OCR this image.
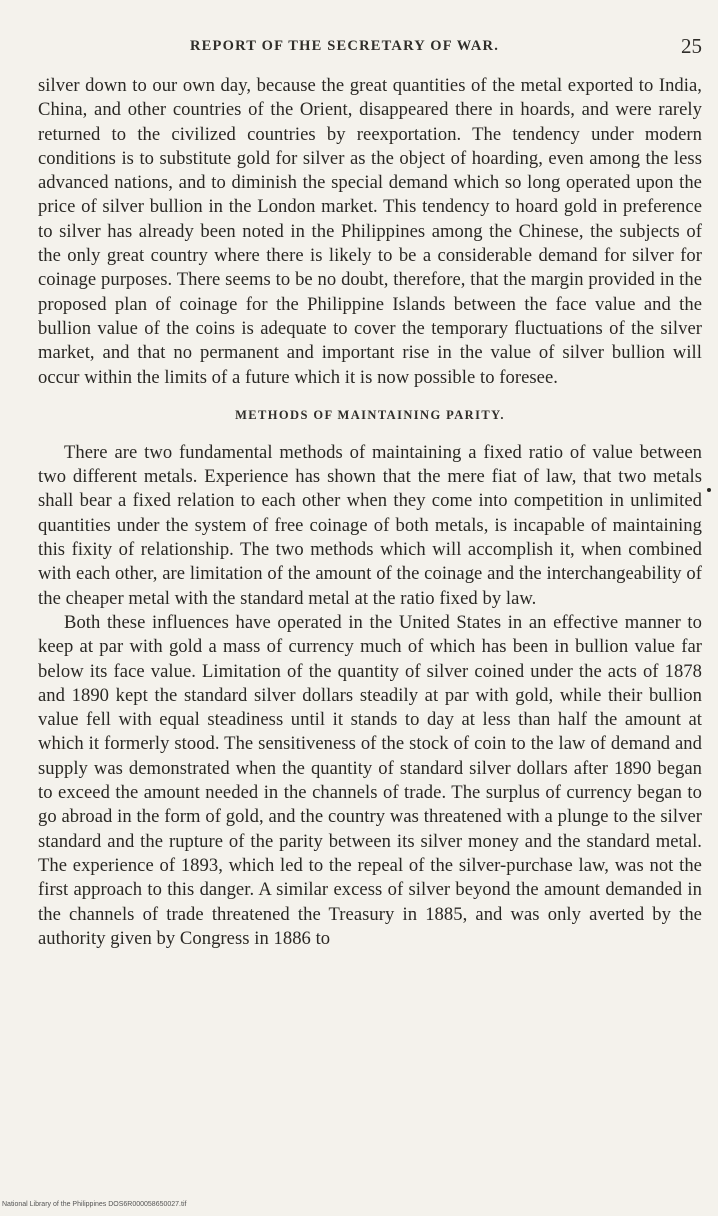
REPORT OF THE SECRETARY OF WAR.	25

silver down to our own day, because the great quantities of the metal exported to India, China, and other countries of the Orient, disappeared there in hoards, and were rarely returned to the civilized countries by reexportation. The tendency under modern conditions is to substitute gold for silver as the object of hoarding, even among the less advanced nations, and to diminish the special demand which so long operated upon the price of silver bullion in the London market. This tendency to hoard gold in preference to silver has already been noted in the Philippines among the Chinese, the subjects of the only great country where there is likely to be a considerable demand for silver for coinage purposes. There seems to be no doubt, therefore, that the margin provided in the proposed plan of coinage for the Philippine Islands between the face value and the bullion value of the coins is adequate to cover the temporary fluctuations of the silver market, and that no permanent and important rise in the value of silver bullion will occur within the limits of a future which it is now possible to foresee.

METHODS OF MAINTAINING PARITY.

There are two fundamental methods of maintaining a fixed ratio of value between two different metals. Experience has shown that the mere fiat of law, that two metals shall bear a fixed relation to each other when they come into competition in unlimited quantities under the system of free coinage of both metals, is incapable of maintaining this fixity of relationship. The two methods which will accomplish it, when combined with each other, are limitation of the amount of the coinage and the interchangeability of the cheaper metal with the standard metal at the ratio fixed by law.

Both these influences have operated in the United States in an effective manner to keep at par with gold a mass of currency much of which has been in bullion value far below its face value. Limitation of the quantity of silver coined under the acts of 1878 and 1890 kept the standard silver dollars steadily at par with gold, while their bullion value fell with equal steadiness until it stands to day at less than half the amount at which it formerly stood. The sensitiveness of the stock of coin to the law of demand and supply was demonstrated when the quantity of standard silver dollars after 1890 began to exceed the amount needed in the channels of trade. The surplus of currency began to go abroad in the form of gold, and the country was threatened with a plunge to the silver standard and the rupture of the parity between its silver money and the standard metal. The experience of 1893, which led to the repeal of the silver-purchase law, was not the first approach to this danger. A similar excess of silver beyond the amount demanded in the channels of trade threatened the Treasury in 1885, and was only averted by the authority given by Congress in 1886 to

National Library of the Philippines DOS6R000058650027.tif
